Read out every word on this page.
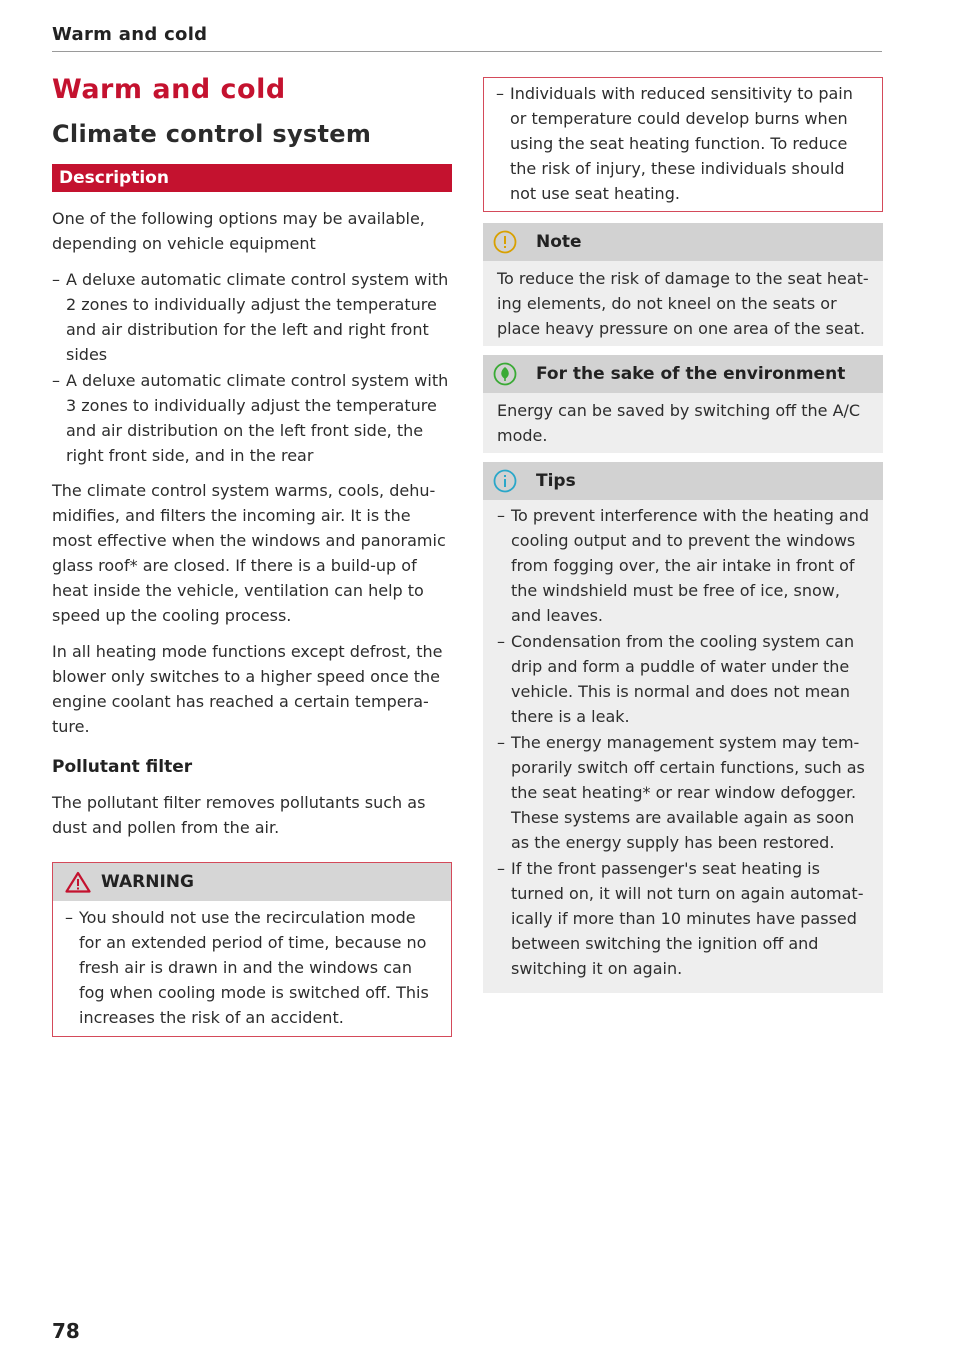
Warm and cold
Warm and cold
Climate control system
Description

One of the following options may be available, depending on vehicle equipment

– A deluxe automatic climate control system with 2 zones to individually adjust the temperature and air distribution for the left and right front sides
– A deluxe automatic climate control system with 3 zones to individually adjust the temperature and air distribution on the left front side, the right front side, and in the rear

The climate control system warms, cools, dehumidifies, and filters the incoming air. It is the most effective when the windows and panoramic glass roof* are closed. If there is a build-up of heat inside the vehicle, ventilation can help to speed up the cooling process.

In all heating mode functions except defrost, the blower only switches to a higher speed once the engine coolant has reached a certain temperature.

Pollutant filter

The pollutant filter removes pollutants such as dust and pollen from the air.

WARNING
– You should not use the recirculation mode for an extended period of time, because no fresh air is drawn in and the windows can fog when cooling mode is switched off. This increases the risk of an accident.
– Individuals with reduced sensitivity to pain or temperature could develop burns when using the seat heating function. To reduce the risk of injury, these individuals should not use seat heating.
Note

To reduce the risk of damage to the seat heating elements, do not kneel on the seats or place heavy pressure on one area of the seat.

For the sake of the environment

Energy can be saved by switching off the A/C mode.

Tips
– To prevent interference with the heating and cooling output and to prevent the windows from fogging over, the air intake in front of the windshield must be free of ice, snow, and leaves.
– Condensation from the cooling system can drip and form a puddle of water under the vehicle. This is normal and does not mean there is a leak.
– The energy management system may temporarily switch off certain functions, such as the seat heating* or rear window defogger. These systems are available again as soon as the energy supply has been restored.
– If the front passenger's seat heating is turned on, it will not turn on again automatically if more than 10 minutes have passed between switching the ignition off and switching it on again.
78
